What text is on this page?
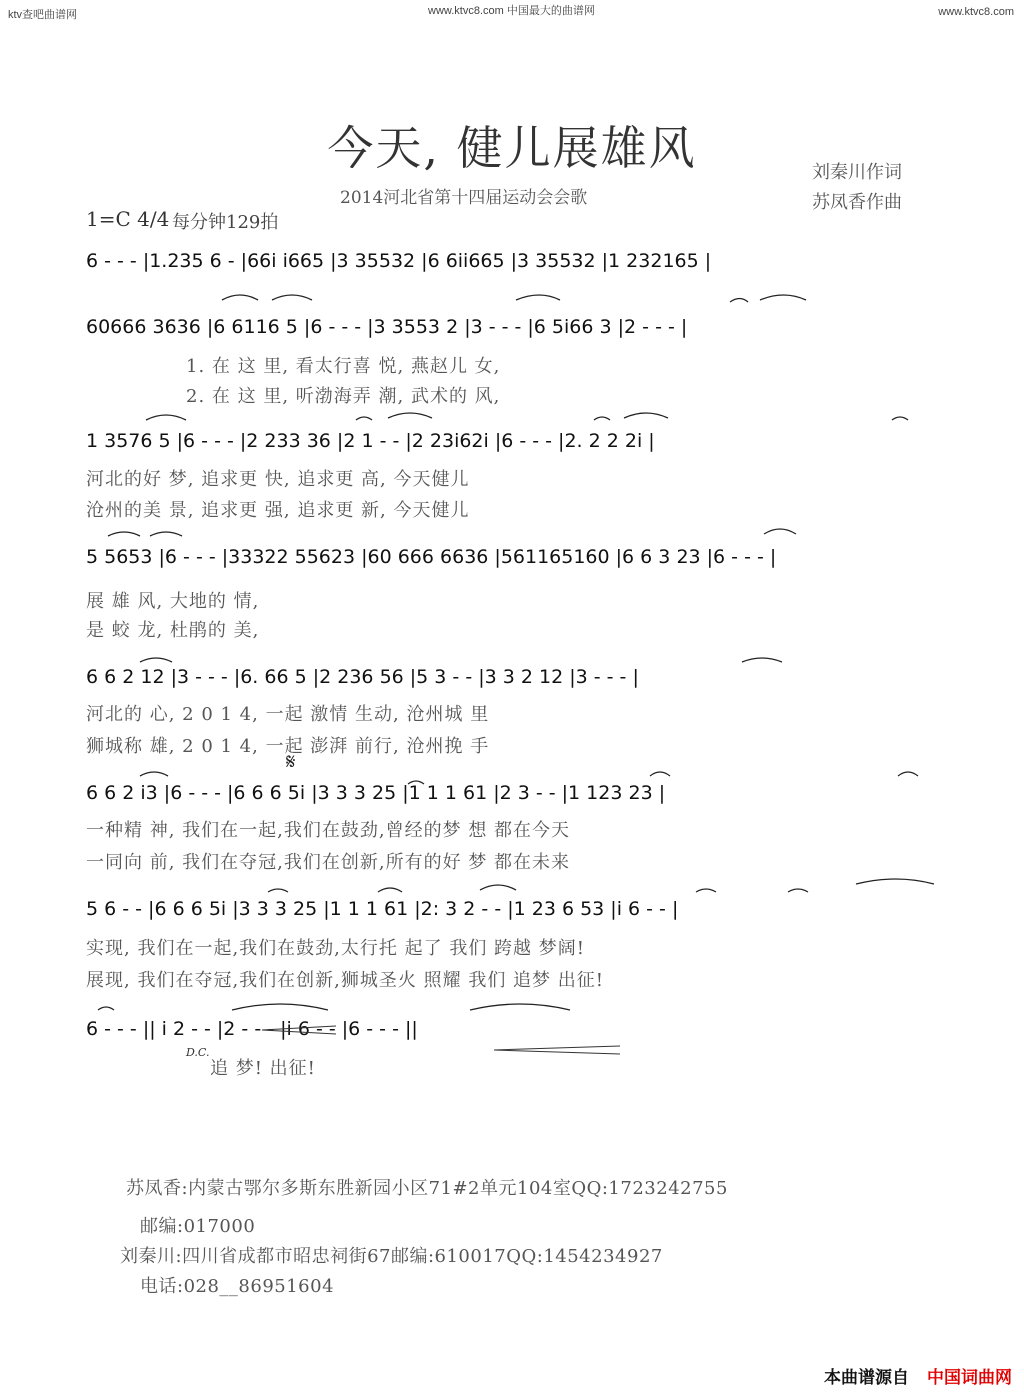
ktv查吧曲谱网	www.ktvc8.com 中国最大的曲谱网	www.ktvc8.com
今天, 健儿展雄风
2014河北省第十四届运动会会歌
刘秦川作词
苏凤香作曲
1=C 4/4 每分钟129拍
6 - - - |1.235 6 - |66i i665 |3 35532 |6 6ii665 |3 35532 |1 232165 |
60666 3636 |6 6116 5 |6 - - - |3 3553 2 |3 - - - |6 5i66 3 |2 - - - |
1. 在 这 里, 看太行喜 悦, 燕赵儿 女,
2. 在 这 里, 听渤海弄 潮, 武术的 风,
1 3576 5 |6 - - - |2 233 36 |2 1 - - |2 23i62i |6 - - - |2. 2 2 2i |
河北的好 梦, 追求更 快, 追求更 高, 今天健儿
沧州的美 景, 追求更 强, 追求更 新, 今天健儿
5 5653 |6 - - - |33322 55623 |60 666 6636 |561165160 |6 6 3 23 |6 - - - |
展 雄 风, 大地的 情,
是 蛟 龙, 杜鹃的 美,
6 6 2 12 |3 - - - |6. 66 5 |2 236 56 |5 3 - - |3 3 2 12 |3 - - - |
河北的 心, 2 0 1 4, 一起 激情 生动, 沧州城 里
狮城称 雄, 2 0 1 4, 一起 澎湃 前行, 沧州挽 手
𝄋
6 6 2 i3 |6 - - - |6 6 6 5i |3 3 3 25 |1 1 1 61 |2 3 - - |1 123 23 |
一种精 神, 我们在一起,我们在鼓劲,曾经的梦 想 都在今天
一同向 前, 我们在夺冠,我们在创新,所有的好 梦 都在未来
5 6 - - |6 6 6 5i |3 3 3 25 |1 1 1 61 |2: 3 2 - - |1 23 6 53 |i 6 - - |
实现, 我们在一起,我们在鼓劲,太行托 起了 我们 跨越 梦阔!
展现, 我们在夺冠,我们在创新,狮城圣火 照耀 我们 追梦 出征!
6 - - - || i 2 - - |2 - - - |i 6 - - |6 - - - ||
D.C.
追 梦! 出征!
苏凤香:内蒙古鄂尔多斯东胜新园小区71#2单元104室QQ:1723242755
邮编:017000
刘秦川:四川省成都市昭忠祠街67邮编:610017QQ:1454234927
电话:028__86951604
本曲谱源自 中国词曲网
